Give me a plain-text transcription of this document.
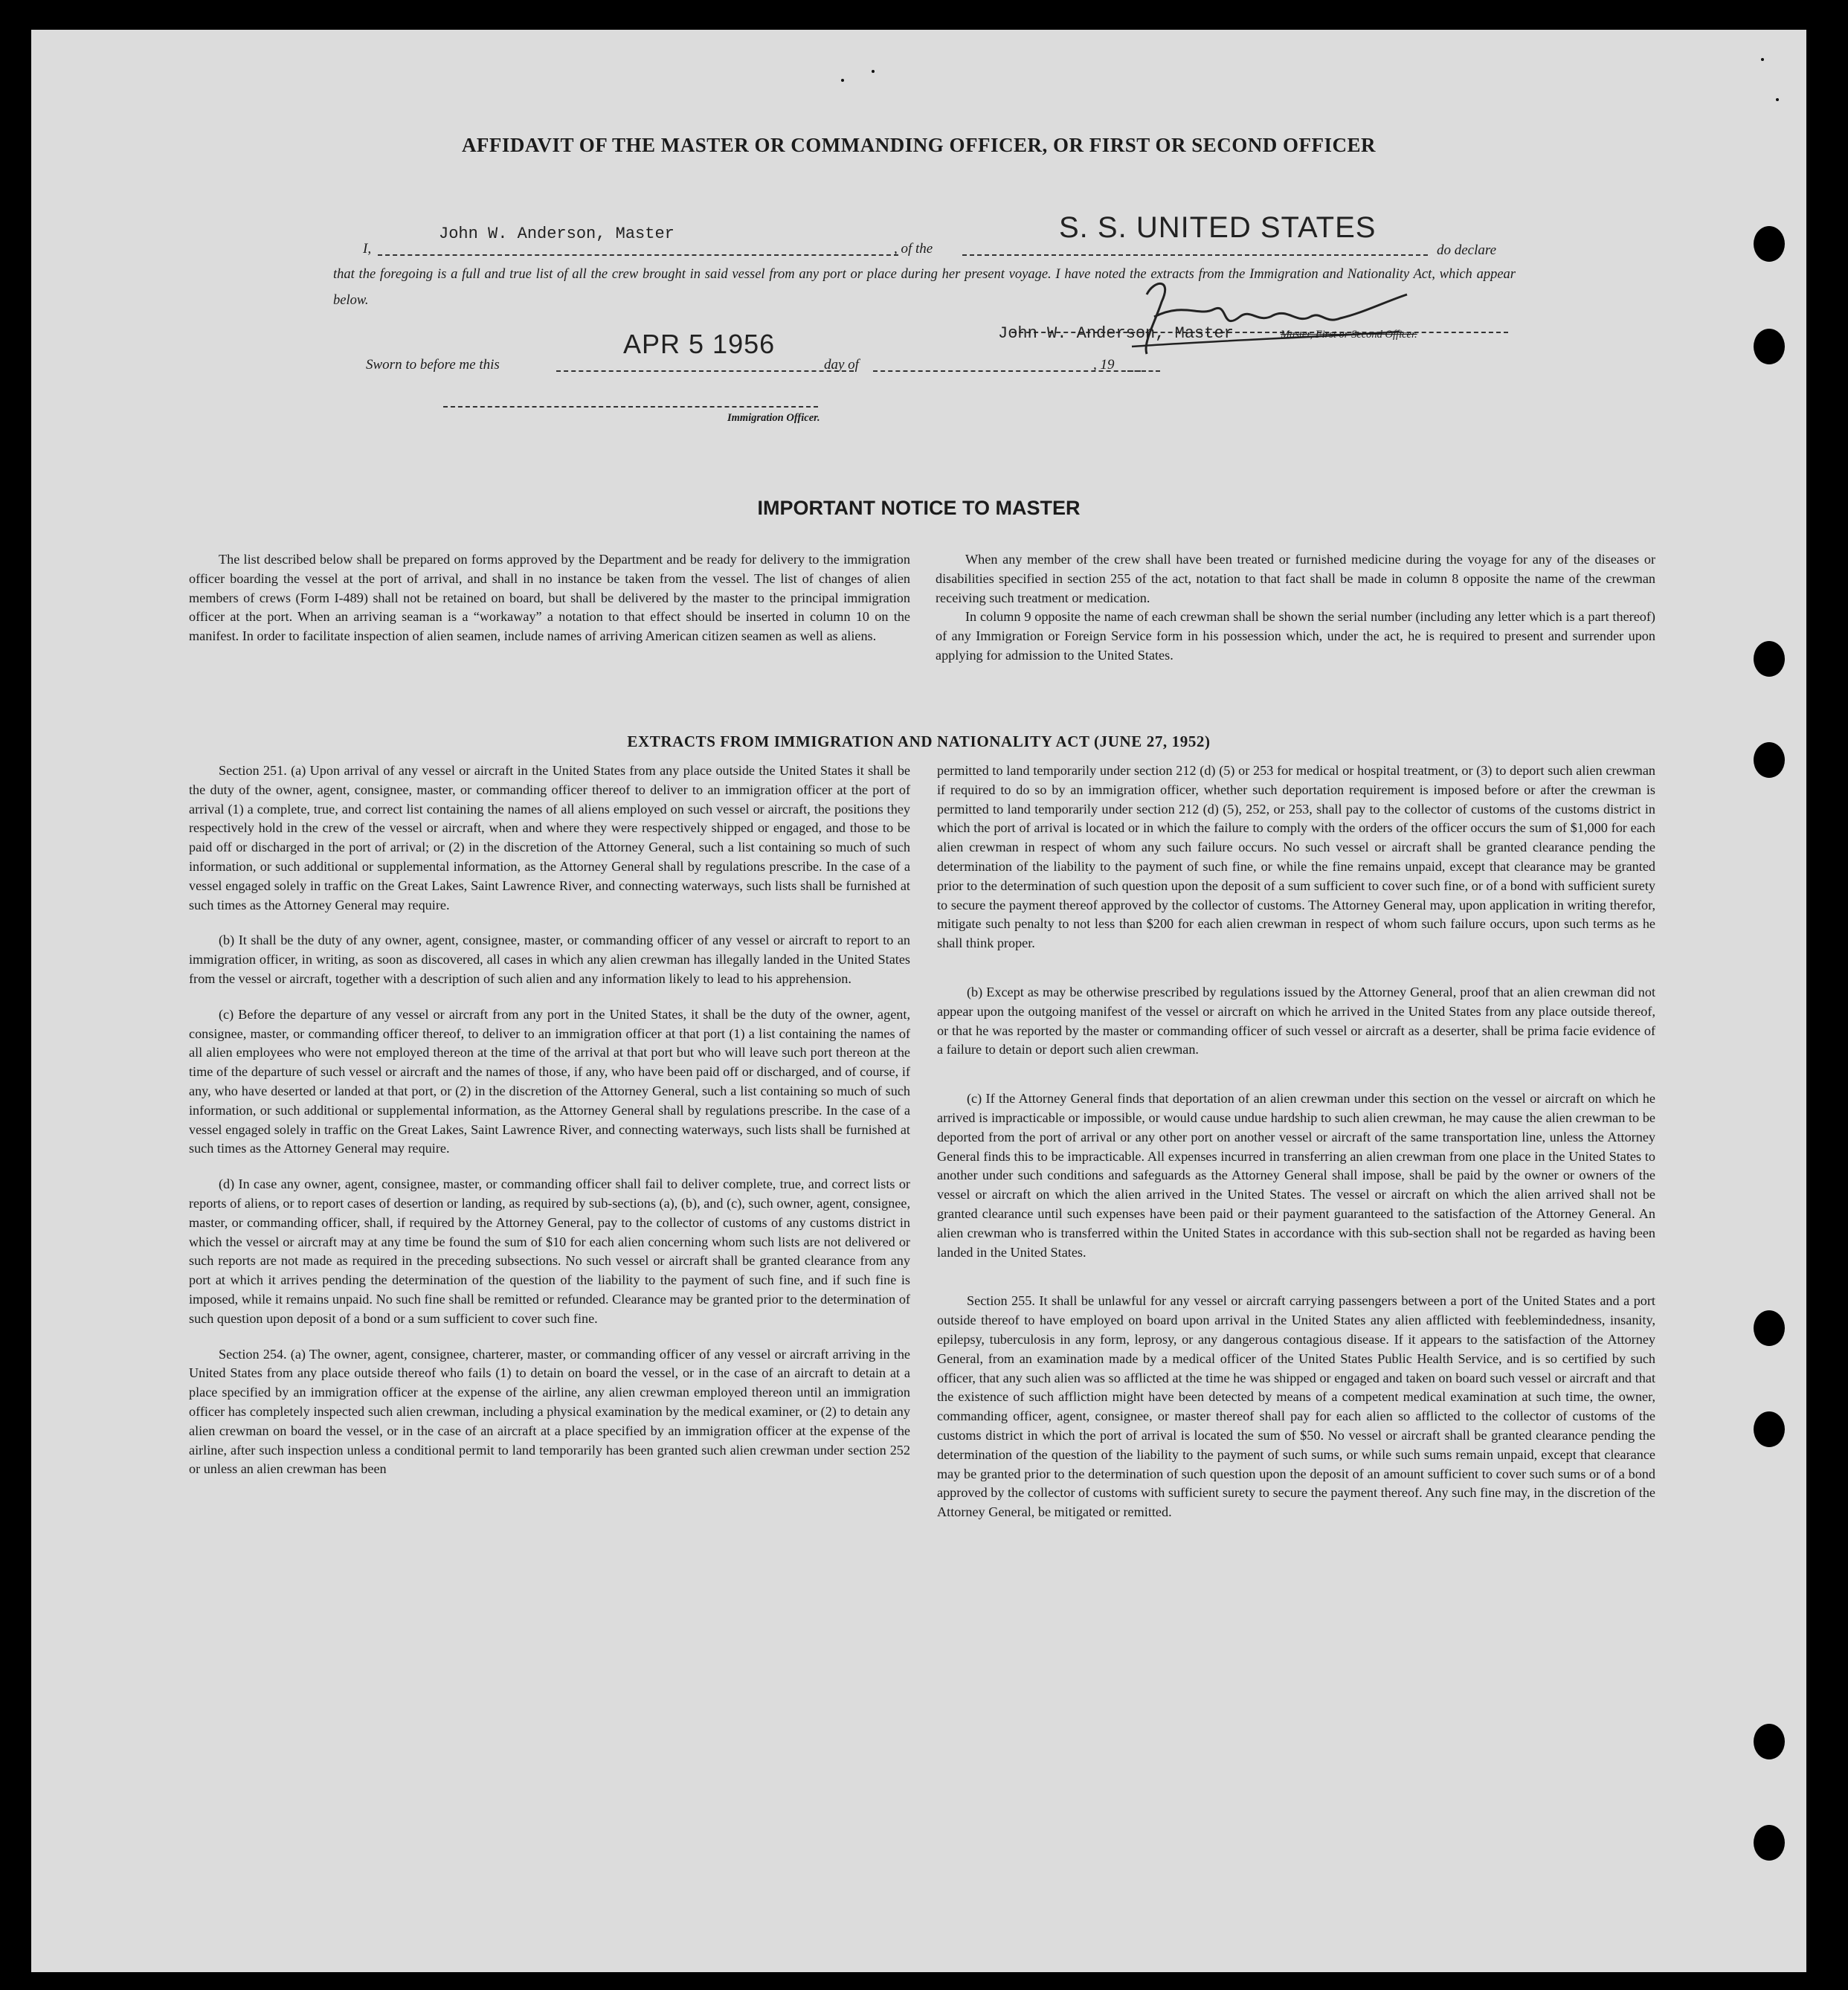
AFFIDAVIT OF THE MASTER OR COMMANDING OFFICER, OR FIRST OR SECOND OFFICER
I,
John W. Anderson, Master
, of the
S. S. UNITED STATES
do declare
that the foregoing is a full and true list of all the crew brought in said vessel from any port or place during her present voyage. I have noted the extracts from the Immigration and Nationality Act, which appear below.
John W. Anderson, Master	Master, First or Second Officer.
Sworn to before me this
APR 5 1956
day of	, 19
Immigration Officer.
IMPORTANT NOTICE TO MASTER

The list described below shall be prepared on forms approved by the Department and be ready for delivery to the immigration officer boarding the vessel at the port of arrival, and shall in no instance be taken from the vessel. The list of changes of alien members of crews (Form I-489) shall not be retained on board, but shall be delivered by the master to the principal immigration officer at the port. When an arriving seaman is a “workaway” a notation to that effect should be inserted in column 10 on the manifest. In order to facilitate inspection of alien seamen, include names of arriving American citizen seamen as well as aliens.

When any member of the crew shall have been treated or furnished medicine during the voyage for any of the diseases or disabilities specified in section 255 of the act, notation to that fact shall be made in column 8 opposite the name of the crewman receiving such treatment or medication.

In column 9 opposite the name of each crewman shall be shown the serial number (including any letter which is a part thereof) of any Immigration or Foreign Service form in his possession which, under the act, he is required to present and surrender upon applying for admission to the United States.

EXTRACTS FROM IMMIGRATION AND NATIONALITY ACT (JUNE 27, 1952)

Section 251. (a) Upon arrival of any vessel or aircraft in the United States from any place outside the United States it shall be the duty of the owner, agent, consignee, master, or commanding officer thereof to deliver to an immigration officer at the port of arrival (1) a complete, true, and correct list containing the names of all aliens employed on such vessel or aircraft, the positions they respectively hold in the crew of the vessel or aircraft, when and where they were respectively shipped or engaged, and those to be paid off or discharged in the port of arrival; or (2) in the discretion of the Attorney General, such a list containing so much of such information, or such additional or supplemental information, as the Attorney General shall by regulations prescribe. In the case of a vessel engaged solely in traffic on the Great Lakes, Saint Lawrence River, and connecting waterways, such lists shall be furnished at such times as the Attorney General may require.

(b) It shall be the duty of any owner, agent, consignee, master, or commanding officer of any vessel or aircraft to report to an immigration officer, in writing, as soon as discovered, all cases in which any alien crewman has illegally landed in the United States from the vessel or aircraft, together with a description of such alien and any information likely to lead to his apprehension.

(c) Before the departure of any vessel or aircraft from any port in the United States, it shall be the duty of the owner, agent, consignee, master, or commanding officer thereof, to deliver to an immigration officer at that port (1) a list containing the names of all alien employees who were not employed thereon at the time of the arrival at that port but who will leave such port thereon at the time of the departure of such vessel or aircraft and the names of those, if any, who have been paid off or discharged, and of course, if any, who have deserted or landed at that port, or (2) in the discretion of the Attorney General, such a list containing so much of such information, or such additional or supplemental information, as the Attorney General shall by regulations prescribe. In the case of a vessel engaged solely in traffic on the Great Lakes, Saint Lawrence River, and connecting waterways, such lists shall be furnished at such times as the Attorney General may require.

(d) In case any owner, agent, consignee, master, or commanding officer shall fail to deliver complete, true, and correct lists or reports of aliens, or to report cases of desertion or landing, as required by sub-sections (a), (b), and (c), such owner, agent, consignee, master, or commanding officer, shall, if required by the Attorney General, pay to the collector of customs of any customs district in which the vessel or aircraft may at any time be found the sum of $10 for each alien concerning whom such lists are not delivered or such reports are not made as required in the preceding subsections. No such vessel or aircraft shall be granted clearance from any port at which it arrives pending the determination of the question of the liability to the payment of such fine, and if such fine is imposed, while it remains unpaid. No such fine shall be remitted or refunded. Clearance may be granted prior to the determination of such question upon deposit of a bond or a sum sufficient to cover such fine.

Section 254. (a) The owner, agent, consignee, charterer, master, or commanding officer of any vessel or aircraft arriving in the United States from any place outside thereof who fails (1) to detain on board the vessel, or in the case of an aircraft to detain at a place specified by an immigration officer at the expense of the airline, any alien crewman employed thereon until an immigration officer has completely inspected such alien crewman, including a physical examination by the medical examiner, or (2) to detain any alien crewman on board the vessel, or in the case of an aircraft at a place specified by an immigration officer at the expense of the airline, after such inspection unless a conditional permit to land temporarily has been granted such alien crewman under section 252 or unless an alien crewman has been

permitted to land temporarily under section 212 (d) (5) or 253 for medical or hospital treatment, or (3) to deport such alien crewman if required to do so by an immigration officer, whether such deportation requirement is imposed before or after the crewman is permitted to land temporarily under section 212 (d) (5), 252, or 253, shall pay to the collector of customs of the customs district in which the port of arrival is located or in which the failure to comply with the orders of the officer occurs the sum of $1,000 for each alien crewman in respect of whom any such failure occurs. No such vessel or aircraft shall be granted clearance pending the determination of the liability to the payment of such fine, or while the fine remains unpaid, except that clearance may be granted prior to the determination of such question upon the deposit of a sum sufficient to cover such fine, or of a bond with sufficient surety to secure the payment thereof approved by the collector of customs. The Attorney General may, upon application in writing therefor, mitigate such penalty to not less than $200 for each alien crewman in respect of whom such failure occurs, upon such terms as he shall think proper.

(b) Except as may be otherwise prescribed by regulations issued by the Attorney General, proof that an alien crewman did not appear upon the outgoing manifest of the vessel or aircraft on which he arrived in the United States from any place outside thereof, or that he was reported by the master or commanding officer of such vessel or aircraft as a deserter, shall be prima facie evidence of a failure to detain or deport such alien crewman.

(c) If the Attorney General finds that deportation of an alien crewman under this section on the vessel or aircraft on which he arrived is impracticable or impossible, or would cause undue hardship to such alien crewman, he may cause the alien crewman to be deported from the port of arrival or any other port on another vessel or aircraft of the same transportation line, unless the Attorney General finds this to be impracticable. All expenses incurred in transferring an alien crewman from one place in the United States to another under such conditions and safeguards as the Attorney General shall impose, shall be paid by the owner or owners of the vessel or aircraft on which the alien arrived in the United States. The vessel or aircraft on which the alien arrived shall not be granted clearance until such expenses have been paid or their payment guaranteed to the satisfaction of the Attorney General. An alien crewman who is transferred within the United States in accordance with this sub-section shall not be regarded as having been landed in the United States.

Section 255. It shall be unlawful for any vessel or aircraft carrying passengers between a port of the United States and a port outside thereof to have employed on board upon arrival in the United States any alien afflicted with feeblemindedness, insanity, epilepsy, tuberculosis in any form, leprosy, or any dangerous contagious disease. If it appears to the satisfaction of the Attorney General, from an examination made by a medical officer of the United States Public Health Service, and is so certified by such officer, that any such alien was so afflicted at the time he was shipped or engaged and taken on board such vessel or aircraft and that the existence of such affliction might have been detected by means of a competent medical examination at such time, the owner, commanding officer, agent, consignee, or master thereof shall pay for each alien so afflicted to the collector of customs of the customs district in which the port of arrival is located the sum of $50. No vessel or aircraft shall be granted clearance pending the determination of the question of the liability to the payment of such sums, or while such sums remain unpaid, except that clearance may be granted prior to the determination of such question upon the deposit of an amount sufficient to cover such sums or of a bond approved by the collector of customs with sufficient surety to secure the payment thereof. Any such fine may, in the discretion of the Attorney General, be mitigated or remitted.
